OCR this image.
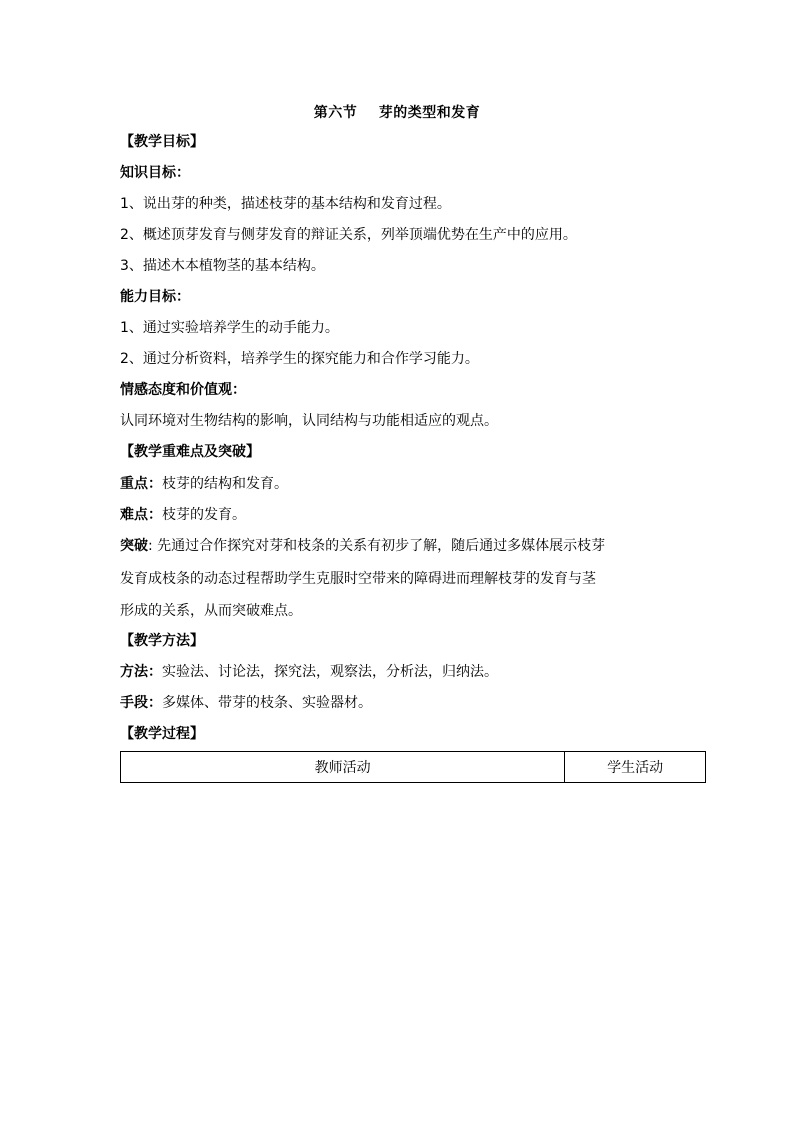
第六节    芽的类型和发育
【教学目标】
知识目标：
1、说出芽的种类，描述枝芽的基本结构和发育过程。
2、概述顶芽发育与侧芽发育的辩证关系，列举顶端优势在生产中的应用。
3、描述木本植物茎的基本结构。
能力目标：
1、通过实验培养学生的动手能力。
2、通过分析资料，培养学生的探究能力和合作学习能力。
情感态度和价值观：
认同环境对生物结构的影响，认同结构与功能相适应的观点。
【教学重难点及突破】
重点：枝芽的结构和发育。
难点：枝芽的发育。
突破: 先通过合作探究对芽和枝条的关系有初步了解，随后通过多媒体展示枝芽
发育成枝条的动态过程帮助学生克服时空带来的障碍进而理解枝芽的发育与茎
形成的关系，从而突破难点。
【教学方法】
方法：实验法、讨论法，探究法，观察法，分析法，归纳法。
手段：多媒体、带芽的枝条、实验器材。
【教学过程】
教师活动	学生活动
